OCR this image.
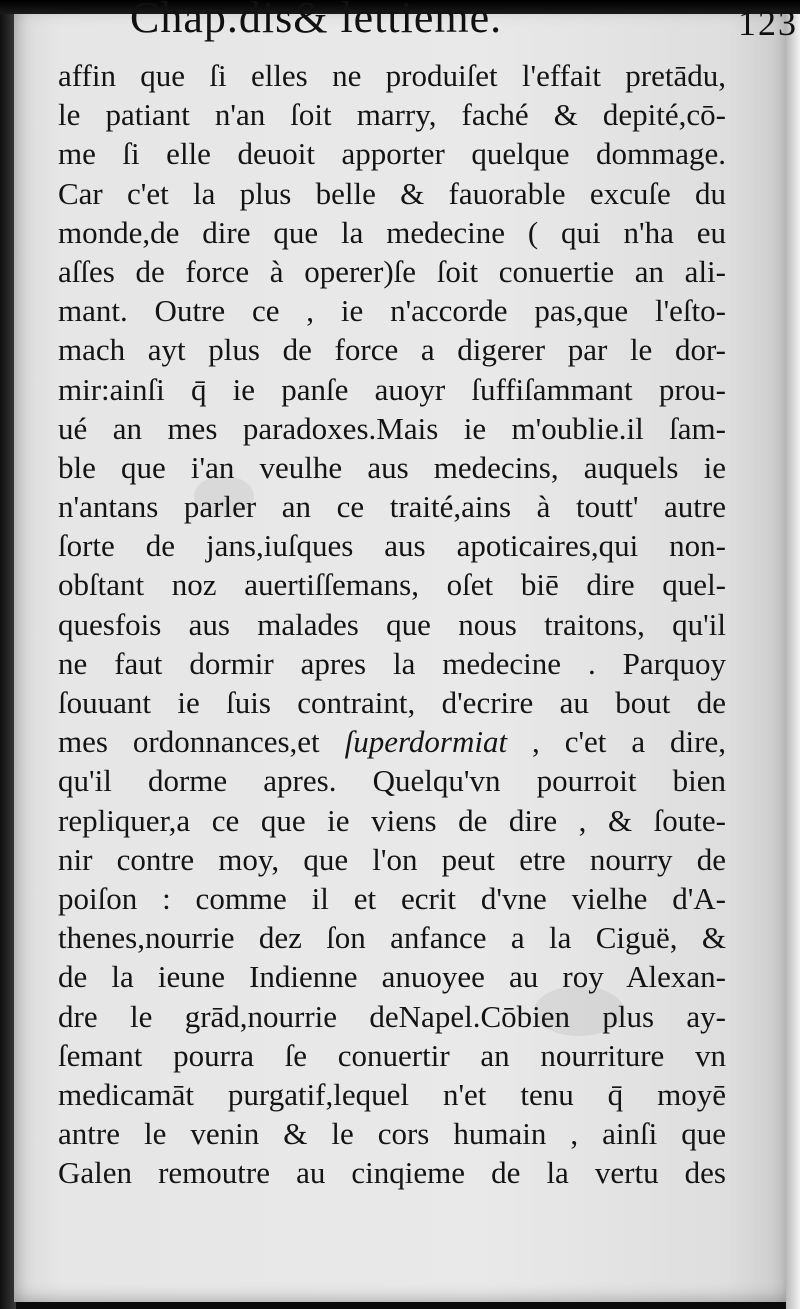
Chap.dis& lettieme.	123
affin que ſi elles ne produiſet l'effait pretādu,
le patiant n'an ſoit marry, faché & depité,cō-
me ſi elle deuoit apporter quelque dommage.
Car c'et la plus belle & fauorable excuſe du
monde,de dire que la medecine ( qui n'ha eu
aſſes de force à operer)ſe ſoit conuertie an ali-
mant. Outre ce , ie n'accorde pas,que l'eſto-
mach ayt plus de force a digerer par le dor-
mir:ainſi q̄ ie panſe auoyr ſuffiſammant prou-
ué an mes paradoxes.Mais ie m'oublie.il ſam-
ble que i'an veulhe aus medecins, auquels ie
n'antans parler an ce traité,ains à toutt' autre
ſorte de jans,iuſques aus apoticaires,qui non-
obſtant noz auertiſſemans, oſet biē dire quel-
quesfois aus malades que nous traitons, qu'il
ne faut dormir apres la medecine . Parquoy
ſouuant ie ſuis contraint, d'ecrire au bout de
mes ordonnances,et ſuperdormiat , c'et a dire,
qu'il dorme apres. Quelqu'vn pourroit bien
repliquer,a ce que ie viens de dire , & ſoute-
nir contre moy, que l'on peut etre nourry de
poiſon : comme il et ecrit d'vne vielhe d'A-
thenes,nourrie dez ſon anfance a la Ciguë, &
de la ieune Indienne anuoyee au roy Alexan-
dre le grād,nourrie deNapel.Cōbien plus ay-
ſemant pourra ſe conuertir an nourriture vn
medicamāt purgatif,lequel n'et tenu q̄ moyē
antre le venin & le cors humain , ainſi que
Galen remoutre au cinqieme de la vertu des
